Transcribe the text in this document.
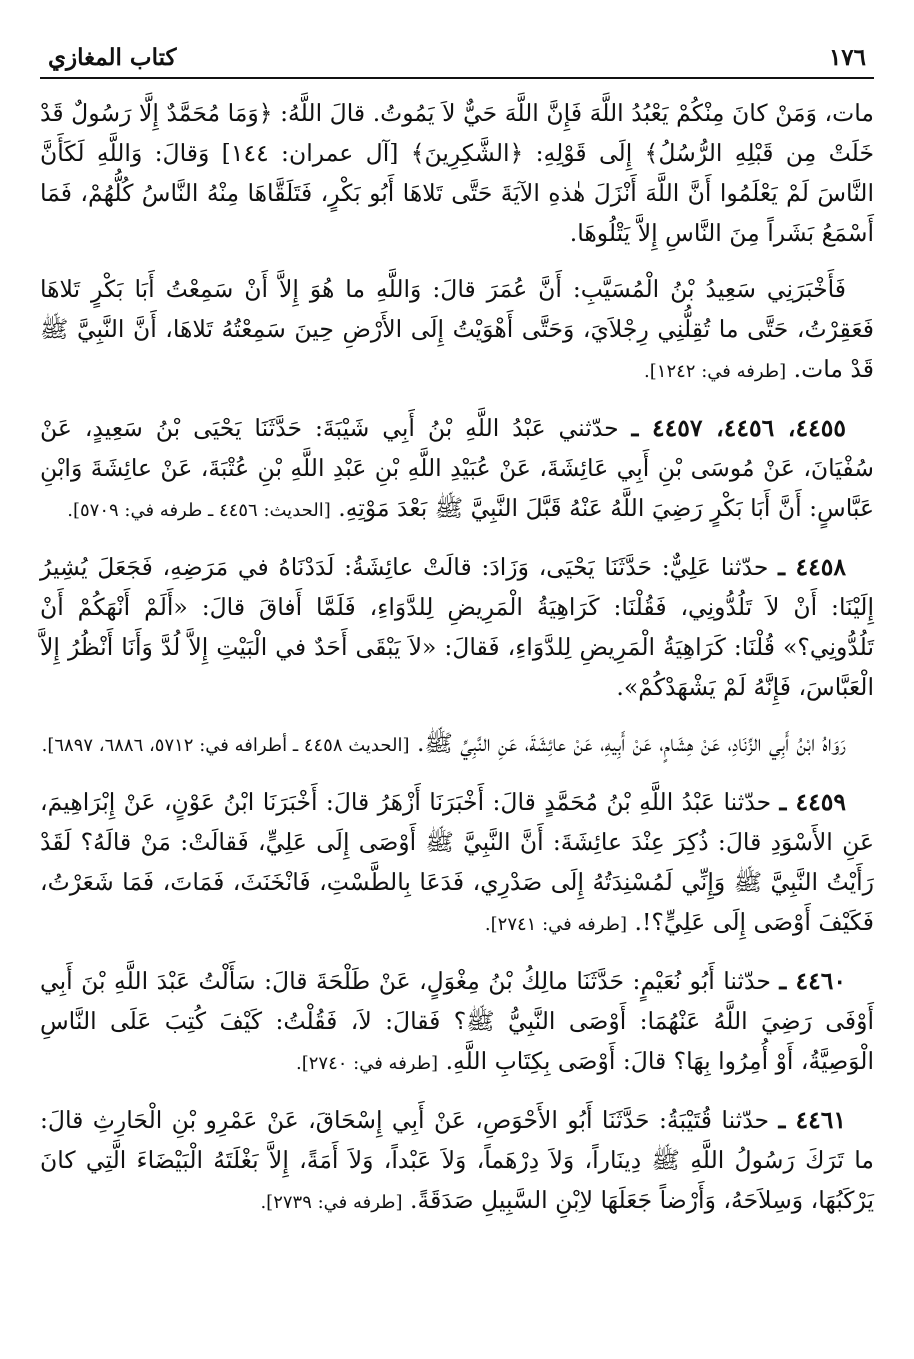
١٧٦
كتاب المغازي

مات، وَمَنْ كانَ مِنْكُمْ يَعْبُدُ اللَّهَ فَإِنَّ اللَّهَ حَيٌّ لاَ يَمُوتُ. قالَ اللَّهُ: ﴿وَمَا مُحَمَّدٌ إِلَّا رَسُولٌ قَدْ خَلَتْ مِن قَبْلِهِ الرُّسُلُ﴾ إِلَى قَوْلِهِ: ﴿الشَّكِرِينَ﴾ [آل عمران: ١٤٤] وَقالَ: وَاللَّهِ لَكَأَنَّ النَّاسَ لَمْ يَعْلَمُوا أَنَّ اللَّهَ أَنْزَلَ هٰذهِ الآيَةَ حَتَّى تَلاهَا أَبُو بَكْرٍ، فَتَلَقَّاهَا مِنْهُ النَّاسُ كُلُّهُمْ، فَمَا أَسْمَعُ بَشَراً مِنَ النَّاسِ إِلاَّ يَتْلُوهَا.

فَأَخْبَرَنِي سَعِيدُ بْنُ الْمُسَيَّبِ: أَنَّ عُمَرَ قالَ: وَاللَّهِ ما هُوَ إِلاَّ أَنْ سَمِعْتُ أَبَا بَكْرٍ تَلاهَا فَعَقِرْتُ، حَتَّى ما تُقِلُّنِي رِجْلاَيَ، وَحَتَّى أَهْوَيْتُ إِلَى الأَرْضِ حِينَ سَمِعْتُهُ تَلاهَا، أَنَّ النَّبِيَّ ﷺ قَدْ مات. [طرفه في: ١٢٤٢].

٤٤٥٥، ٤٤٥٦، ٤٤٥٧ ـ حدّثني عَبْدُ اللَّهِ بْنُ أَبِي شَيْبَةَ: حَدَّثَنَا يَحْيَى بْنُ سَعِيدٍ، عَنْ سُفْيَانَ، عَنْ مُوسَى بْنِ أَبِي عَائِشَةَ، عَنْ عُبَيْدِ اللَّهِ بْنِ عَبْدِ اللَّهِ بْنِ عُتْبَةَ، عَنْ عائِشَةَ وَابْنِ عَبَّاسٍ: أَنَّ أَبَا بَكْرٍ رَضِيَ اللَّهُ عَنْهُ قَبَّلَ النَّبِيَّ ﷺ بَعْدَ مَوْتِهِ. [الحديث: ٤٤٥٦ ـ طرفه في: ٥٧٠٩].

٤٤٥٨ ـ حدّثنا عَلِيٌّ: حَدَّثَنَا يَحْيَى، وَزَادَ: قالَتْ عائِشَةُ: لَدَدْنَاهُ في مَرَضِهِ، فَجَعَلَ يُشِيرُ إِلَيْنَا: أَنْ لاَ تَلُدُّونِي، فَقُلْنَا: كَرَاهِيَةُ الْمَرِيضِ لِلدَّوَاءِ، فَلَمَّا أَفاقَ قالَ: «أَلَمْ أَنْهَكُمْ أَنْ تَلُدُّونِي؟» قُلْنَا: كَرَاهِيَةُ الْمَرِيضِ لِلدَّوَاءِ، فَقالَ: «لاَ يَبْقَى أَحَدٌ في الْبَيْتِ إِلاَّ لُدَّ وَأَنَا أَنْظُرُ إِلاَّ الْعَبَّاسَ، فَإِنَّهُ لَمْ يَشْهَدْكُمْ».

رَوَاهُ ابْنُ أَبِي الزِّنَادِ، عَنْ هِشَامٍ، عَنْ أَبِيهِ، عَنْ عائِشَةَ، عَنِ النَّبِيِّ ﷺ. [الحديث ٤٤٥٨ ـ أطرافه في: ٥٧١٢، ٦٨٨٦، ٦٨٩٧].

٤٤٥٩ ـ حدّثنا عَبْدُ اللَّهِ بْنُ مُحَمَّدٍ قالَ: أَخْبَرَنَا أَزْهَرُ قالَ: أَخْبَرَنَا ابْنُ عَوْنٍ، عَنْ إِبْرَاهِيمَ، عَنِ الأَسْوَدِ قالَ: ذُكِرَ عِنْدَ عائِشَةَ: أَنَّ النَّبِيَّ ﷺ أَوْصَى إِلَى عَلِيٍّ، فَقالَتْ: مَنْ قالَهُ؟ لَقَدْ رَأَيْتُ النَّبِيَّ ﷺ وَإِنِّي لَمُسْنِدَتُهُ إِلَى صَدْرِي، فَدَعَا بِالطَّسْتِ، فَانْخَنَثَ، فَمَاتَ، فَمَا شَعَرْتُ، فَكَيْفَ أَوْصَى إِلَى عَلِيٍّ؟!. [طرفه في: ٢٧٤١].

٤٤٦٠ ـ حدّثنا أَبُو نُعَيْمٍ: حَدَّثَنَا مالِكُ بْنُ مِغْوَلٍ، عَنْ طَلْحَةَ قالَ: سَأَلْتُ عَبْدَ اللَّهِ بْنَ أَبِي أَوْفَى رَضِيَ اللَّهُ عَنْهُمَا: أَوْصَى النَّبِيُّ ﷺ؟ فَقالَ: لاَ، فَقُلْتُ: كَيْفَ كُتِبَ عَلَى النَّاسِ الْوَصِيَّةُ، أَوْ أُمِرُوا بِهَا؟ قالَ: أَوْصَى بِكِتَابِ اللَّهِ. [طرفه في: ٢٧٤٠].

٤٤٦١ ـ حدّثنا قُتَيْبَةُ: حَدَّثَنَا أَبُو الأَحْوَصِ، عَنْ أَبِي إِسْحَاقَ، عَنْ عَمْرِو بْنِ الْحَارِثِ قالَ: ما تَرَكَ رَسُولُ اللَّهِ ﷺ دِينَاراً، وَلاَ دِرْهَماً، وَلاَ عَبْداً، وَلاَ أَمَةً، إِلاَّ بَغْلَتَهُ الْبَيْضَاءَ الَّتِي كانَ يَرْكَبُهَا، وَسِلاَحَهُ، وَأَرْضاً جَعَلَهَا لاِبْنِ السَّبِيلِ صَدَقَةً. [طرفه في: ٢٧٣٩].
